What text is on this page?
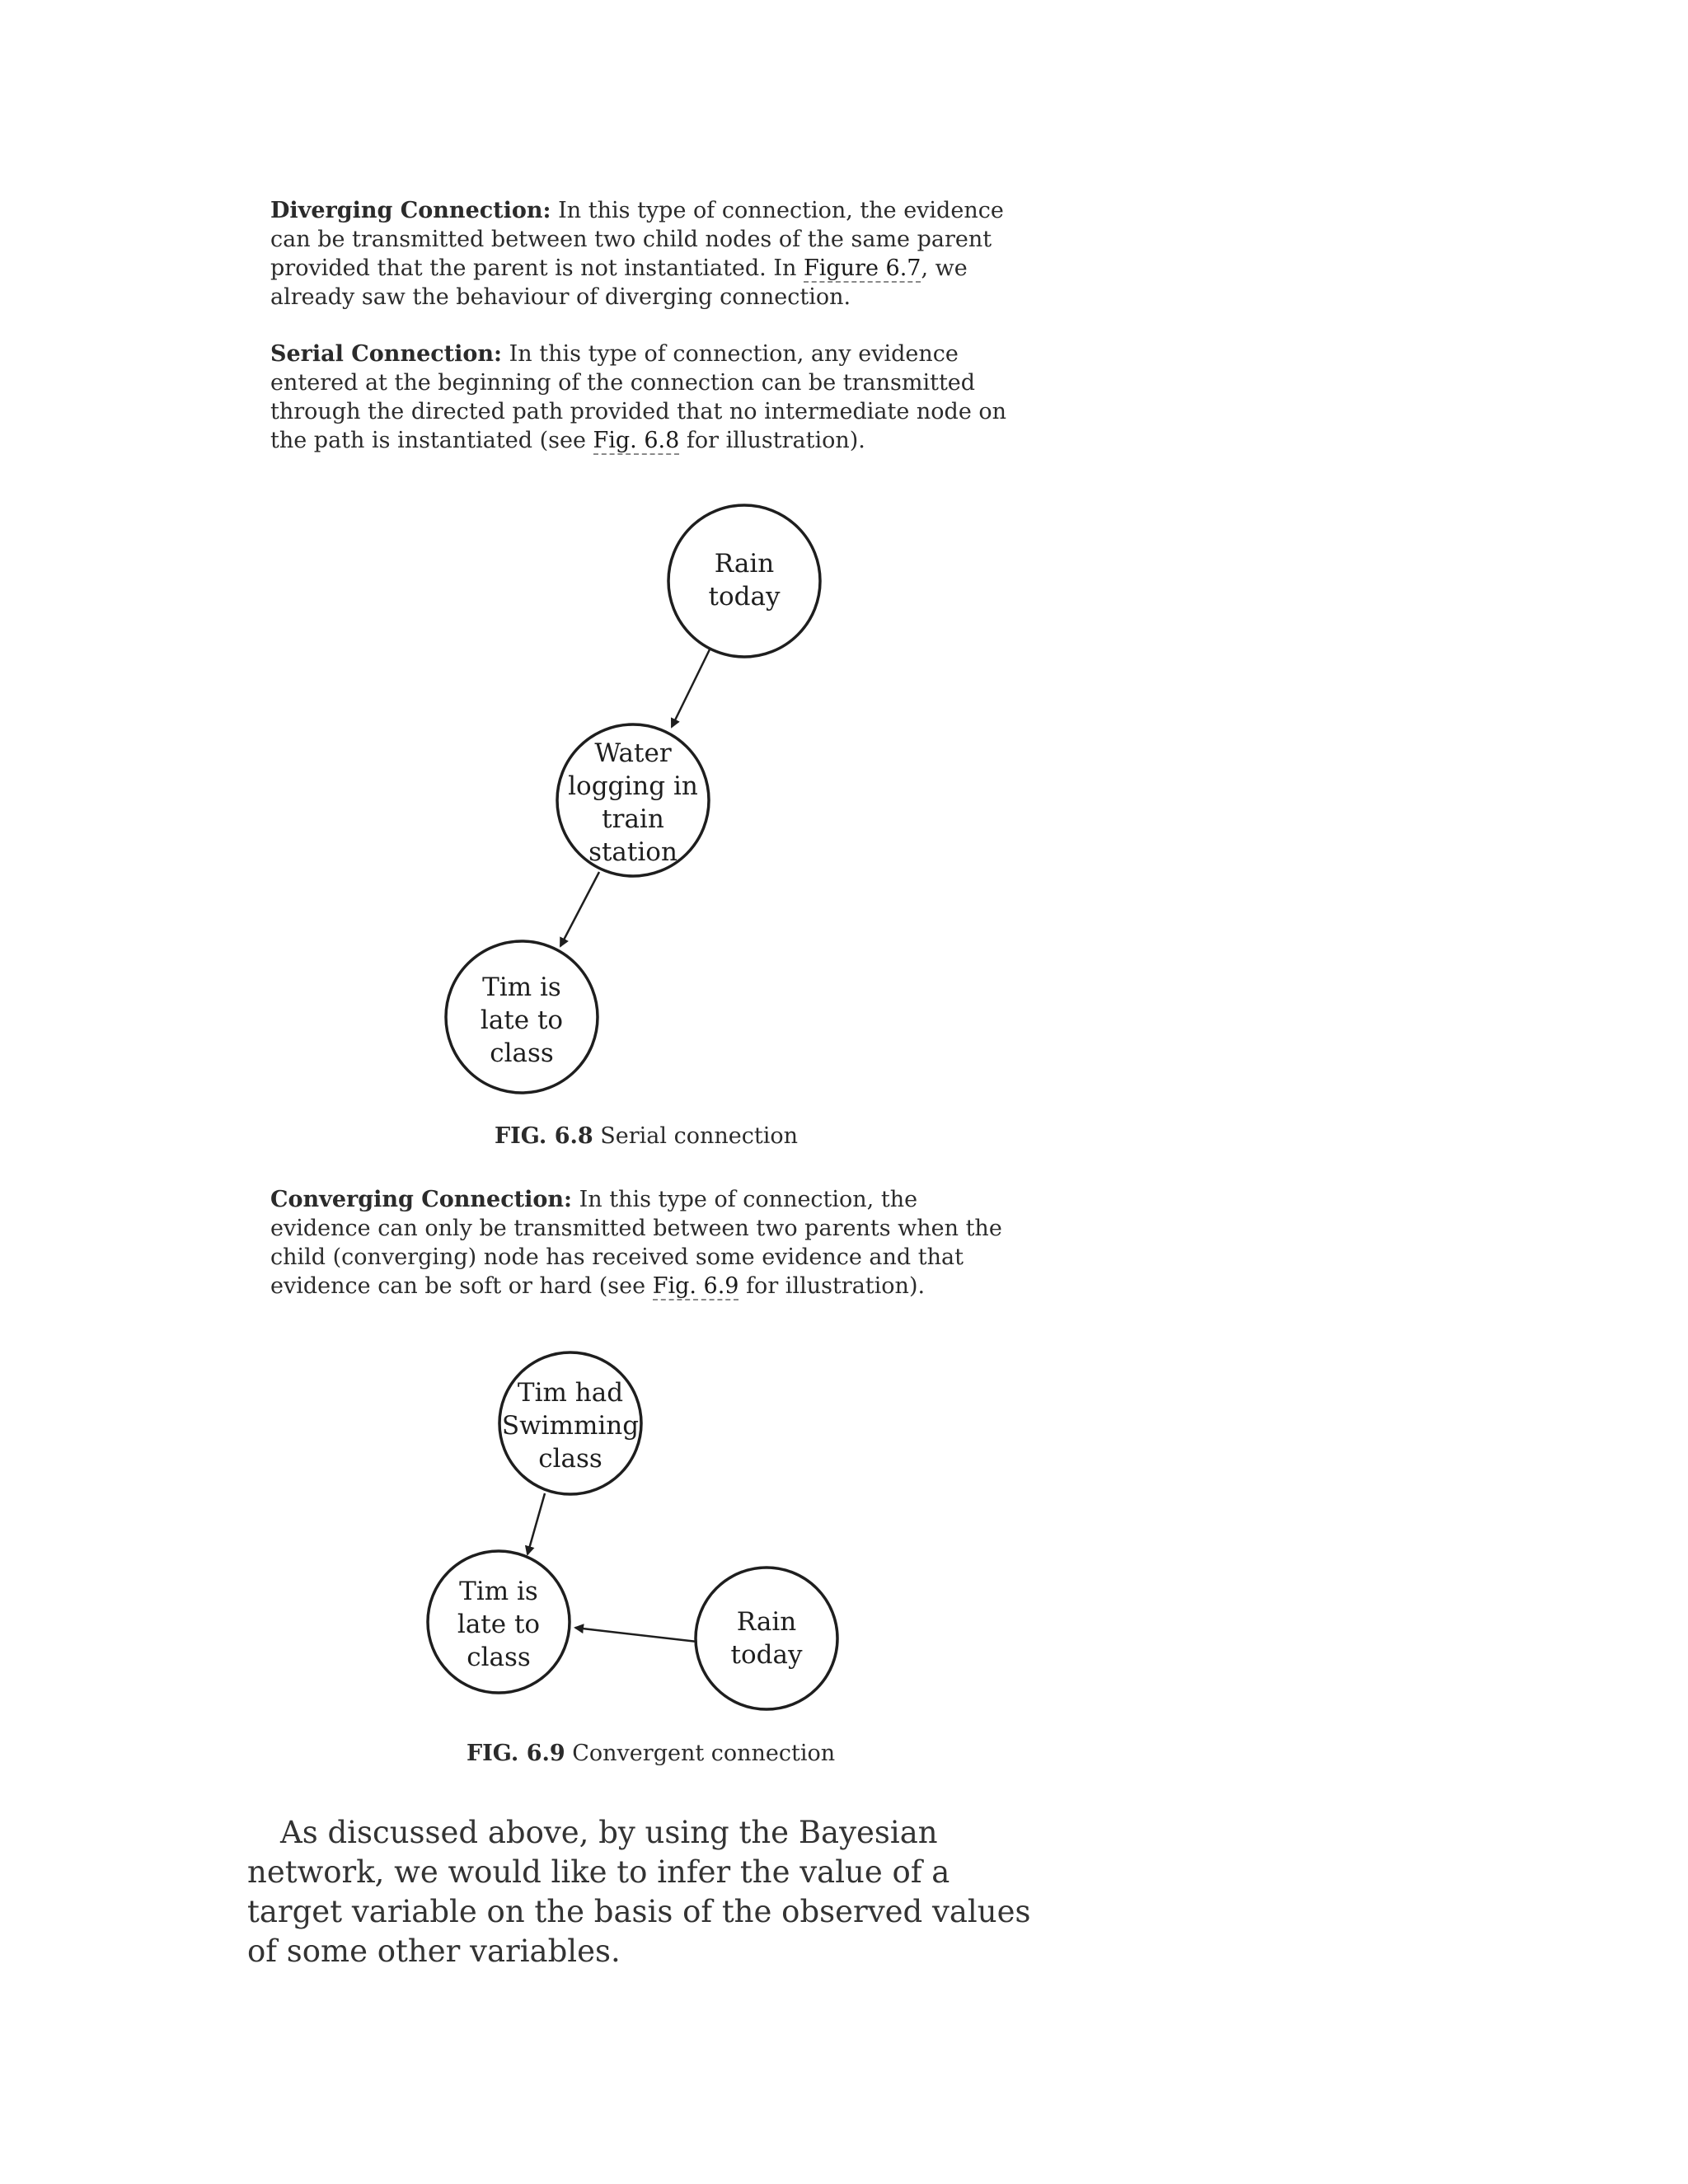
Diverging Connection: In this type of connection, the evidence can be transmitted between two child nodes of the same parent provided that the parent is not instantiated. In Figure 6.7, we already saw the behaviour of diverging connection.

Serial Connection: In this type of connection, any evidence entered at the beginning of the connection can be transmitted through the directed path provided that no intermediate node on the path is instantiated (see Fig. 6.8 for illustration).

Rain today
Water logging in train station
Tim is late to class
Tim had Swimming class
Tim is late to class
Rain today

FIG. 6.8 Serial connection

Converging Connection: In this type of connection, the evidence can only be transmitted between two parents when the child (converging) node has received some evidence and that evidence can be soft or hard (see Fig. 6.9 for illustration).

FIG. 6.9 Convergent connection

As discussed above, by using the Bayesian network, we would like to infer the value of a target variable on the basis of the observed values of some other variables.
